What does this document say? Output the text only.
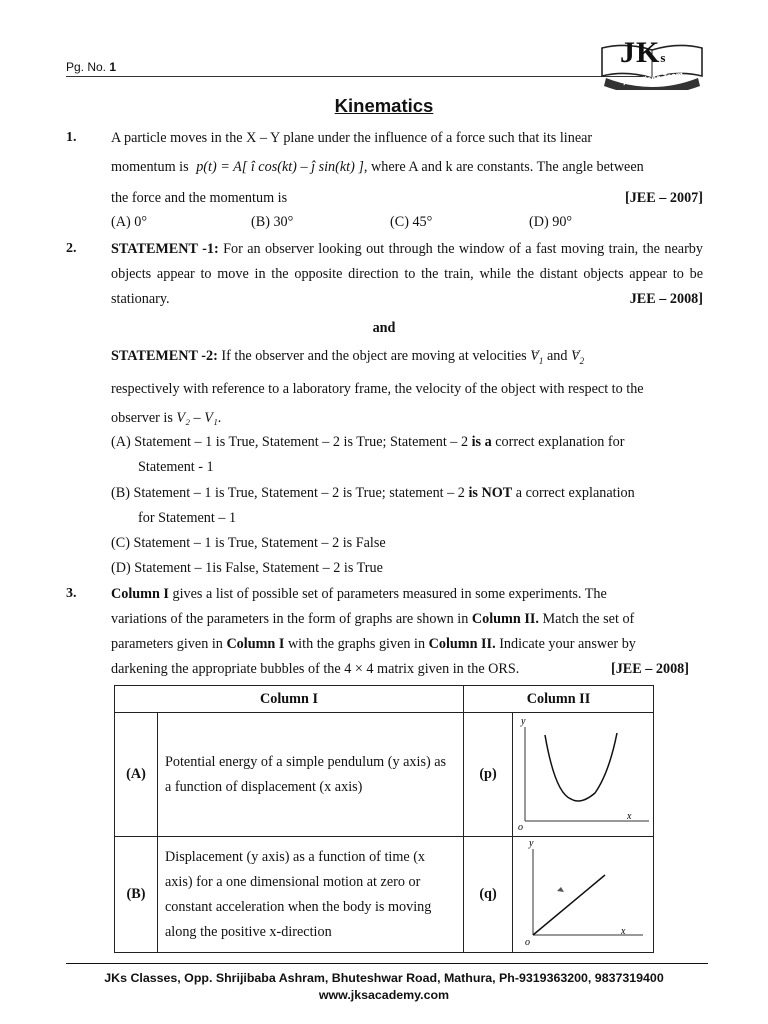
Pg. No. 1	JKs
An IITians Team
Kinematics
1. A particle moves in the X – Y plane under the influence of a force such that its linear
momentum is p(t) = A[ î cos(kt) – ĵ sin(kt) ], where A and k are constants. The angle between
the force and the momentum is	[JEE – 2007]
(A) 0°	(B) 30°	(C) 45°	(D) 90°
2. STATEMENT -1: For an observer looking out through the window of a fast moving train, the nearby objects appear to move in the opposite direction to the train, while the distant objects appear to be stationary.	JEE – 2008]
and
STATEMENT -2: If the observer and the object are moving at velocities → $V_1$ and → $V_2$
respectively with reference to a laboratory frame, the velocity of the object with respect to the
observer is V₂ – V₁.
(A) Statement – 1 is True, Statement – 2 is True; Statement – 2 is a correct explanation for
Statement - 1
(B) Statement – 1 is True, Statement – 2 is True; statement – 2 is NOT a correct explanation
for Statement – 1
(C) Statement – 1 is True, Statement – 2 is False
(D) Statement – 1is False, Statement – 2 is True
3. Column I gives a list of possible set of parameters measured in some experiments. The
variations of the parameters in the form of graphs are shown in Column II. Match the set of
parameters given in Column I with the graphs given in Column II. Indicate your answer by
darkening the appropriate bubbles of the 4 × 4 matrix given in the ORS.	[JEE – 2008]
Column I		Column II	
(A)	Potential energy of a simple pendulum (y axis) as a function of displacement (x axis)	(p)	y
o
x

(B)	Displacement (y axis) as a function of time (x axis) for a one dimensional motion at zero or constant acceleration when the body is moving along the positive x-direction	(q)	y
o
x
JKs Classes, Opp. Shrijibaba Ashram, Bhuteshwar Road, Mathura, Ph-9319363200, 9837319400
www.jksacademy.com
